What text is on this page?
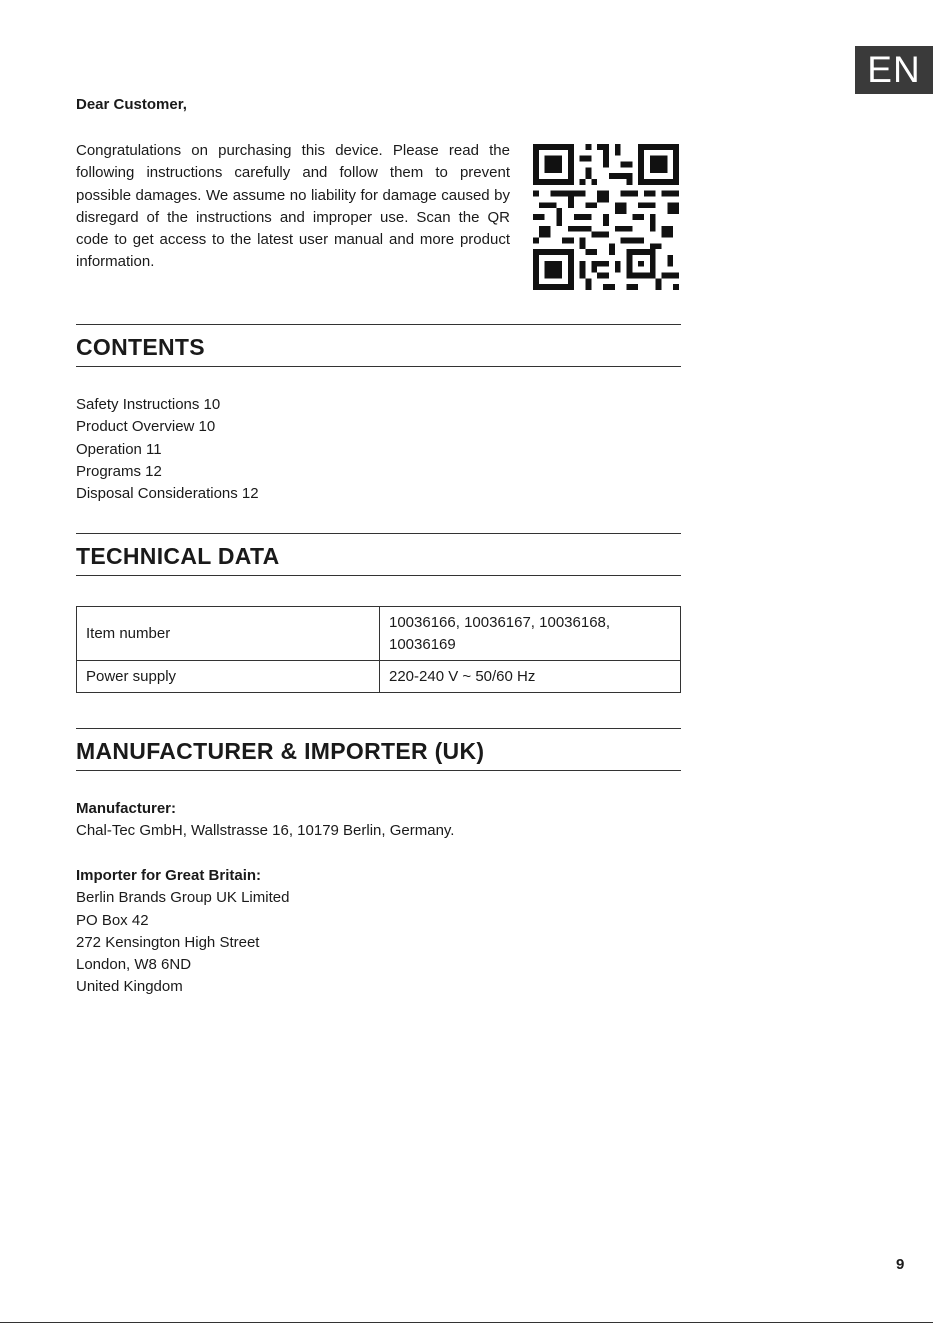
EN
Dear Customer,

Congratulations on purchasing this device. Please read the following instructions carefully and follow them to prevent possible damages. We assume no liability for damage caused by disregard of the instructions and improper use. Scan the QR code to get access to the latest user manual and more product information.

CONTENTS
Safety Instructions 10
Product Overview 10
Operation 11
Programs 12
Disposal Considerations 12
TECHNICAL DATA
Item number	10036166, 10036167, 10036168, 10036169
Power supply	220-240 V ~ 50/60 Hz
MANUFACTURER & IMPORTER (UK)
Manufacturer:
Chal-Tec GmbH, Wallstrasse 16, 10179 Berlin, Germany.
Importer for Great Britain:
Berlin Brands Group UK Limited
PO Box 42
272 Kensington High Street
London, W8 6ND
United Kingdom
9
